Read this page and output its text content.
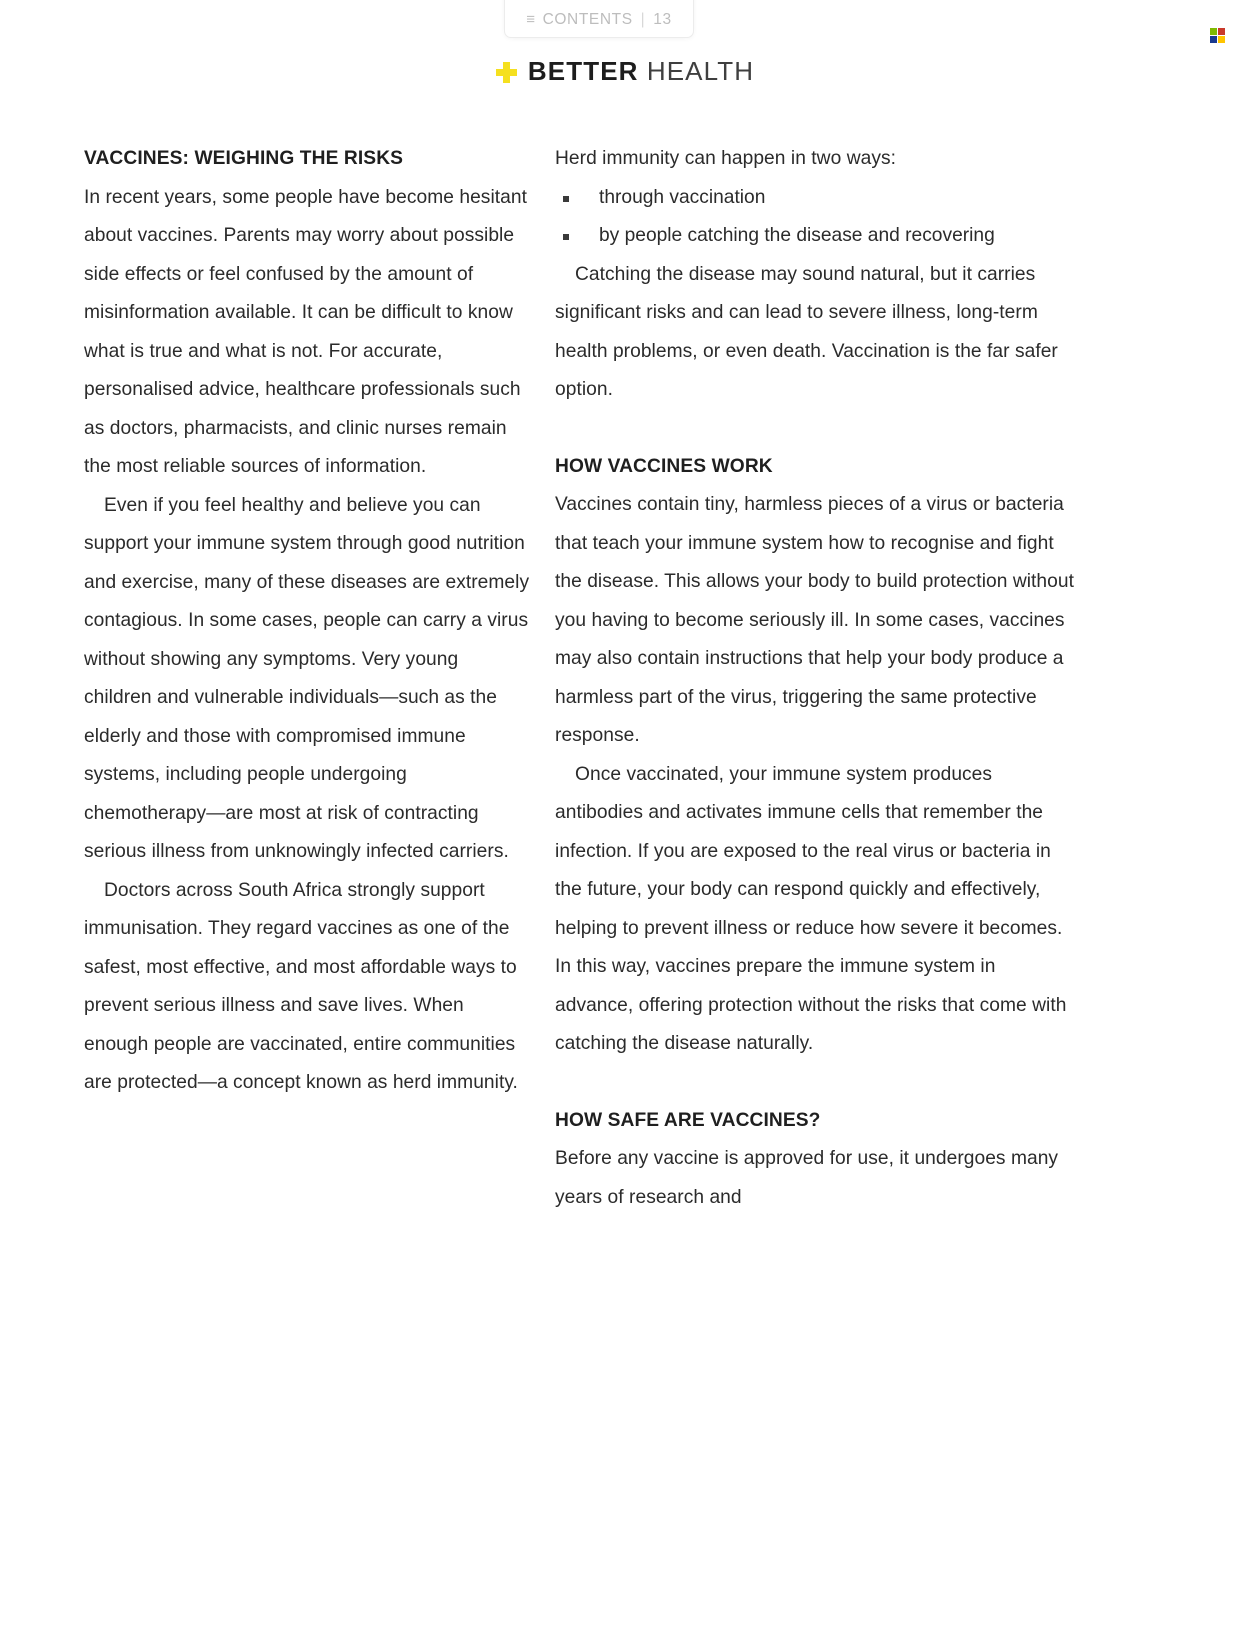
≡ CONTENTS | 13
BETTER HEALTH
VACCINES: WEIGHING THE RISKS

In recent years, some people have become hesitant about vaccines. Parents may worry about possible side effects or feel confused by the amount of misinformation available. It can be difficult to know what is true and what is not. For accurate, personalised advice, healthcare professionals such as doctors, pharmacists, and clinic nurses remain the most reliable sources of information.

Even if you feel healthy and believe you can support your immune system through good nutrition and exercise, many of these diseases are extremely contagious. In some cases, people can carry a virus without showing any symptoms. Very young children and vulnerable individuals—such as the elderly and those with compromised immune systems, including people undergoing chemotherapy—are most at risk of contracting serious illness from unknowingly infected carriers.

Doctors across South Africa strongly support immunisation. They regard vaccines as one of the safest, most effective, and most affordable ways to prevent serious illness and save lives. When enough people are vaccinated, entire communities are protected—a concept known as herd immunity.

Herd immunity can happen in two ways:

through vaccination
by people catching the disease and recovering

Catching the disease may sound natural, but it carries significant risks and can lead to severe illness, long-term health problems, or even death. Vaccination is the far safer option.

HOW VACCINES WORK

Vaccines contain tiny, harmless pieces of a virus or bacteria that teach your immune system how to recognise and fight the disease. This allows your body to build protection without you having to become seriously ill. In some cases, vaccines may also contain instructions that help your body produce a harmless part of the virus, triggering the same protective response.

Once vaccinated, your immune system produces antibodies and activates immune cells that remember the infection. If you are exposed to the real virus or bacteria in the future, your body can respond quickly and effectively, helping to prevent illness or reduce how severe it becomes. In this way, vaccines prepare the immune system in advance, offering protection without the risks that come with catching the disease naturally.

HOW SAFE ARE VACCINES?

Before any vaccine is approved for use, it undergoes many years of research and
